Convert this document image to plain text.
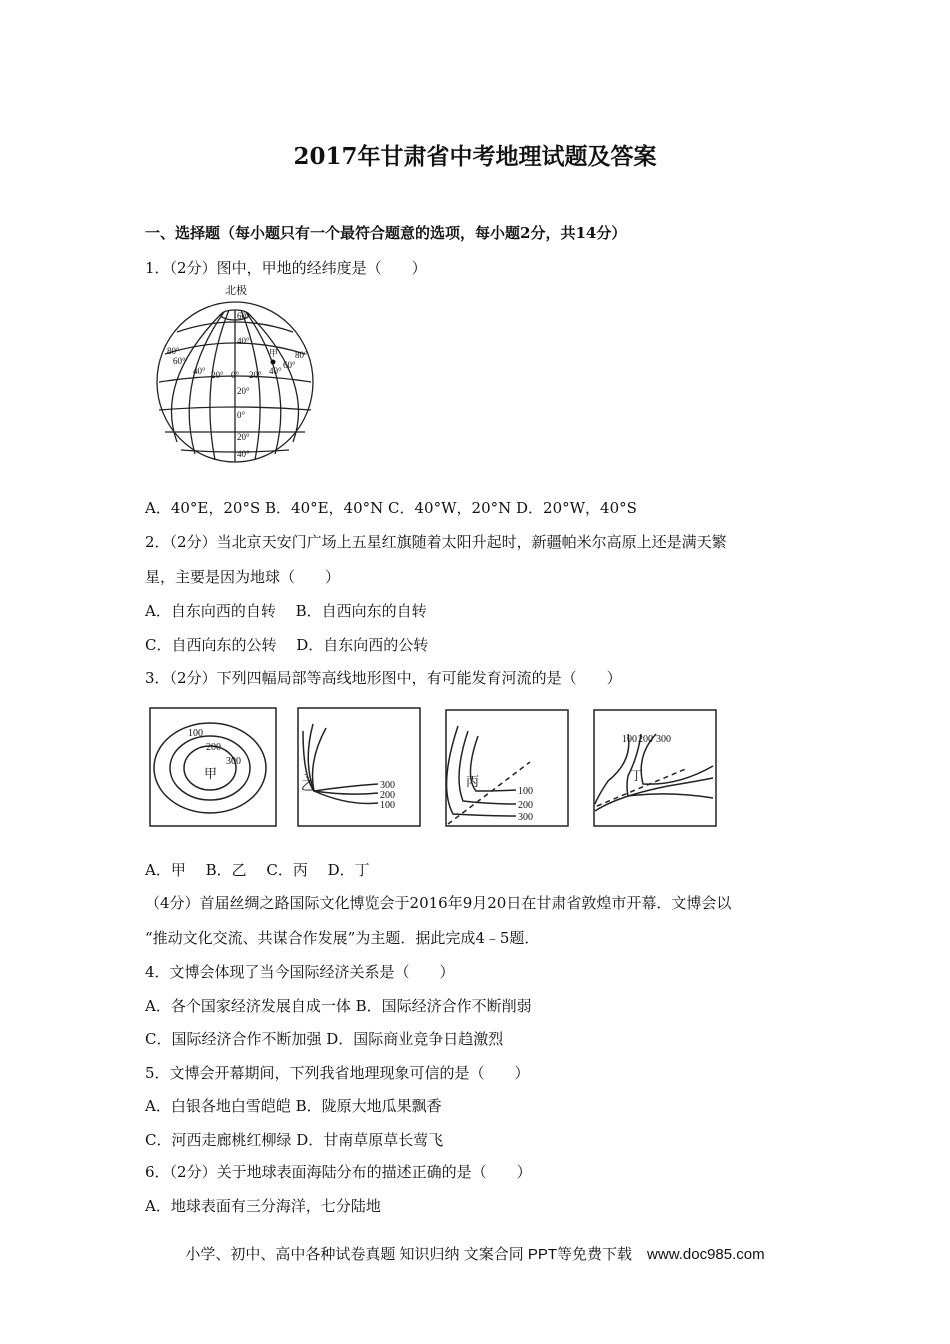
2017年甘肃省中考地理试题及答案
一、选择题（每小题只有一个最符合题意的选项，每小题2分，共14分）
1．（2分）图中，甲地的经纬度是（　　）
北极
60°
40°
20°
0°
20°
40°
60°
40° 20° 0° 20° 40°
60°
80°
80°	甲
A．40°E，20°S B．40°E，40°N C．40°W，20°N D．20°W，40°S
2．（2分）当北京天安门广场上五星红旗随着太阳升起时，新疆帕米尔高原上还是满天繁
星，主要是因为地球（　　）
A．自东向西的自转　 B．自西向东的自转
C．自西向东的公转　 D．自东向西的公转
3．（2分）下列四幅局部等高线地形图中，有可能发育河流的是（　　）
100
200
300
甲
300
200
100
乙	100
200
300
丙
100 200 300
丁
A．甲　 B．乙　 C．丙　 D．丁
（4分）首届丝绸之路国际文化博览会于2016年9月20日在甘肃省敦煌市开幕．文博会以
“推动文化交流、共谋合作发展”为主题．据此完成4﹣5题．
4．文博会体现了当今国际经济关系是（　　）
A．各个国家经济发展自成一体 B．国际经济合作不断削弱
C．国际经济合作不断加强 D．国际商业竞争日趋激烈
5．文博会开幕期间，下列我省地理现象可信的是（　　）
A．白银各地白雪皑皑 B．陇原大地瓜果飘香
C．河西走廊桃红柳绿 D．甘南草原草长莺飞
6．（2分）关于地球表面海陆分布的描述正确的是（　　）
A．地球表面有三分海洋，七分陆地
小学、初中、高中各种试卷真题 知识归纳 文案合同 PPT等免费下载　www.doc985.com
